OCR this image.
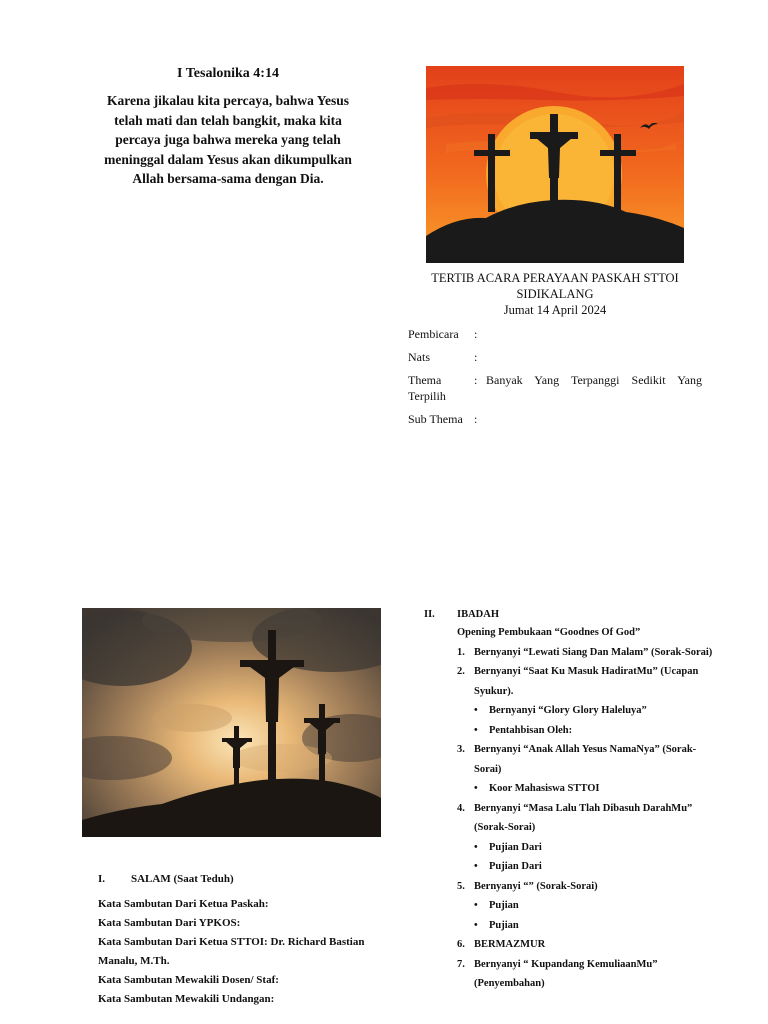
I Tesalonika 4:14
Karena jikalau kita percaya, bahwa Yesus telah mati dan telah bangkit, maka kita percaya juga bahwa mereka yang telah meninggal dalam Yesus akan dikumpulkan Allah bersama-sama dengan Dia.
TERTIB ACARA PERAYAAN PASKAH STTOI
SIDIKALANG
Jumat 14 April 2024
Pembicara :
Nats	:
Thema	: Banyak Yang Terpanggi Sedikit Yang Terpilih
Sub Thema :
I.	SALAM (Saat Teduh)
Kata Sambutan Dari Ketua Paskah:
Kata Sambutan Dari YPKOS:
Kata Sambutan Dari Ketua STTOI: Dr. Richard Bastian Manalu, M.Th.
Kata Sambutan Mewakili Dosen/ Staf:
Kata Sambutan Mewakili Undangan:
II.	IBADAH
Opening Pembukaan “Goodnes Of God”
1. Bernyanyi “Lewati Siang Dan Malam” (Sorak-Sorai)
2. Bernyanyi “Saat Ku Masuk HadiratMu” (Ucapan Syukur).
• Bernyanyi “Glory Glory Haleluya”
• Pentahbisan Oleh:
3. Bernyanyi “Anak Allah Yesus NamaNya” (Sorak-Sorai)
• Koor Mahasiswa STTOI
4. Bernyanyi “Masa Lalu Tlah Dibasuh DarahMu” (Sorak-Sorai)
• Pujian Dari
• Pujian Dari
5. Bernyanyi “” (Sorak-Sorai)
• Pujian
• Pujian
6. BERMAZMUR
7. Bernyanyi “ Kupandang KemuliaanMu” (Penyembahan)
